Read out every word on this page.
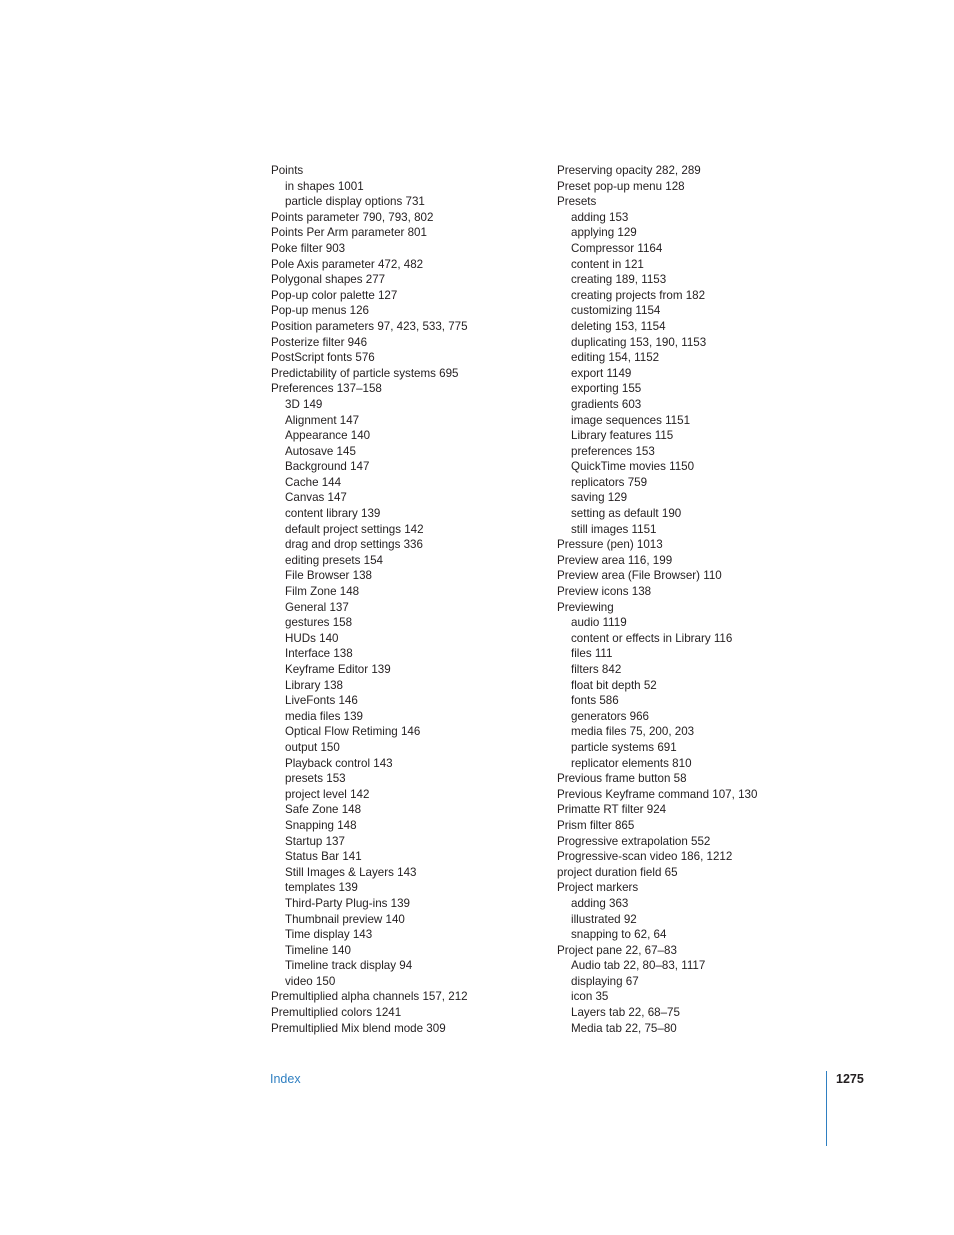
Points
in shapes 1001
particle display options 731
Points parameter 790, 793, 802
Points Per Arm parameter 801
Poke filter 903
Pole Axis parameter 472, 482
Polygonal shapes 277
Pop-up color palette 127
Pop-up menus 126
Position parameters 97, 423, 533, 775
Posterize filter 946
PostScript fonts 576
Predictability of particle systems 695
Preferences 137–158
3D 149
Alignment 147
Appearance 140
Autosave 145
Background 147
Cache 144
Canvas 147
content library 139
default project settings 142
drag and drop settings 336
editing presets 154
File Browser 138
Film Zone 148
General 137
gestures 158
HUDs 140
Interface 138
Keyframe Editor 139
Library 138
LiveFonts 146
media files 139
Optical Flow Retiming 146
output 150
Playback control 143
presets 153
project level 142
Safe Zone 148
Snapping 148
Startup 137
Status Bar 141
Still Images & Layers 143
templates 139
Third-Party Plug-ins 139
Thumbnail preview 140
Time display 143
Timeline 140
Timeline track display 94
video 150
Premultiplied alpha channels 157, 212
Premultiplied colors 1241
Premultiplied Mix blend mode 309
Preserving opacity 282, 289
Preset pop-up menu 128
Presets
adding 153
applying 129
Compressor 1164
content in 121
creating 189, 1153
creating projects from 182
customizing 1154
deleting 153, 1154
duplicating 153, 190, 1153
editing 154, 1152
export 1149
exporting 155
gradients 603
image sequences 1151
Library features 115
preferences 153
QuickTime movies 1150
replicators 759
saving 129
setting as default 190
still images 1151
Pressure (pen) 1013
Preview area 116, 199
Preview area (File Browser) 110
Preview icons 138
Previewing
audio 1119
content or effects in Library 116
files 111
filters 842
float bit depth 52
fonts 586
generators 966
media files 75, 200, 203
particle systems 691
replicator elements 810
Previous frame button 58
Previous Keyframe command 107, 130
Primatte RT filter 924
Prism filter 865
Progressive extrapolation 552
Progressive-scan video 186, 1212
project duration field 65
Project markers
adding 363
illustrated 92
snapping to 62, 64
Project pane 22, 67–83
Audio tab 22, 80–83, 1117
displaying 67
icon 35
Layers tab 22, 68–75
Media tab 22, 75–80
Index	1275
